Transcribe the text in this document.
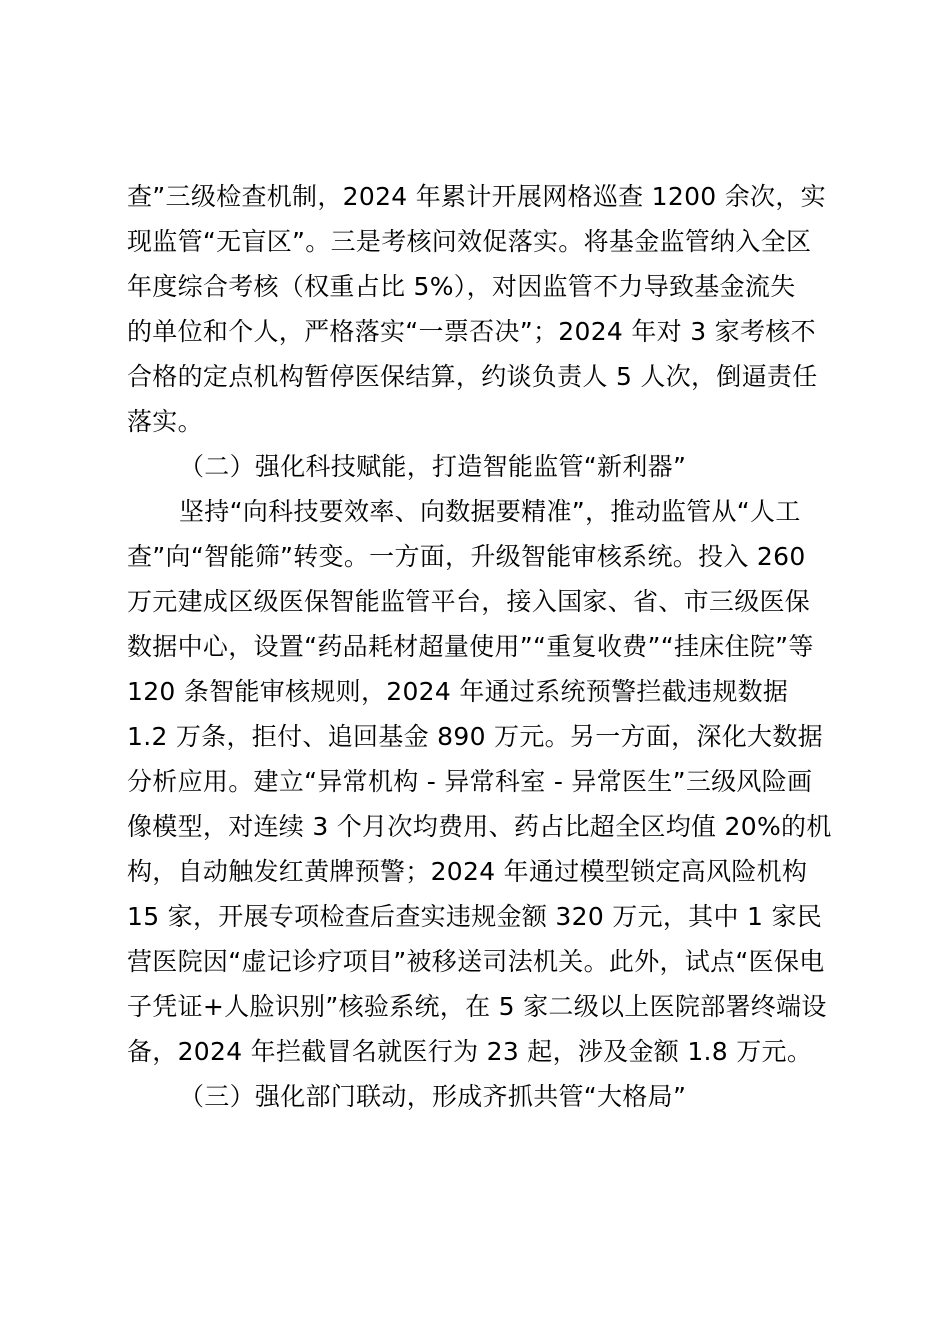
查”三级检查机制，2024 年累计开展网格巡查 1200 余次，实
现监管“无盲区”。三是考核问效促落实。将基金监管纳入全区
年度综合考核（权重占比 5%），对因监管不力导致基金流失
的单位和个人，严格落实“一票否决”；2024 年对 3 家考核不
合格的定点机构暂停医保结算，约谈负责人 5 人次，倒逼责任
落实。
（二）强化科技赋能，打造智能监管“新利器”
坚持“向科技要效率、向数据要精准”，推动监管从“人工
查”向“智能筛”转变。一方面，升级智能审核系统。投入 260
万元建成区级医保智能监管平台，接入国家、省、市三级医保
数据中心，设置“药品耗材超量使用”“重复收费”“挂床住院”等
120 条智能审核规则，2024 年通过系统预警拦截违规数据
1.2 万条，拒付、追回基金 890 万元。另一方面，深化大数据
分析应用。建立“异常机构 - 异常科室 - 异常医生”三级风险画
像模型，对连续 3 个月次均费用、药占比超全区均值 20%的机
构，自动触发红黄牌预警；2024 年通过模型锁定高风险机构
15 家，开展专项检查后查实违规金额 320 万元，其中 1 家民
营医院因“虚记诊疗项目”被移送司法机关。此外，试点“医保电
子凭证+人脸识别”核验系统，在 5 家二级以上医院部署终端设
备，2024 年拦截冒名就医行为 23 起，涉及金额 1.8 万元。
（三）强化部门联动，形成齐抓共管“大格局”
